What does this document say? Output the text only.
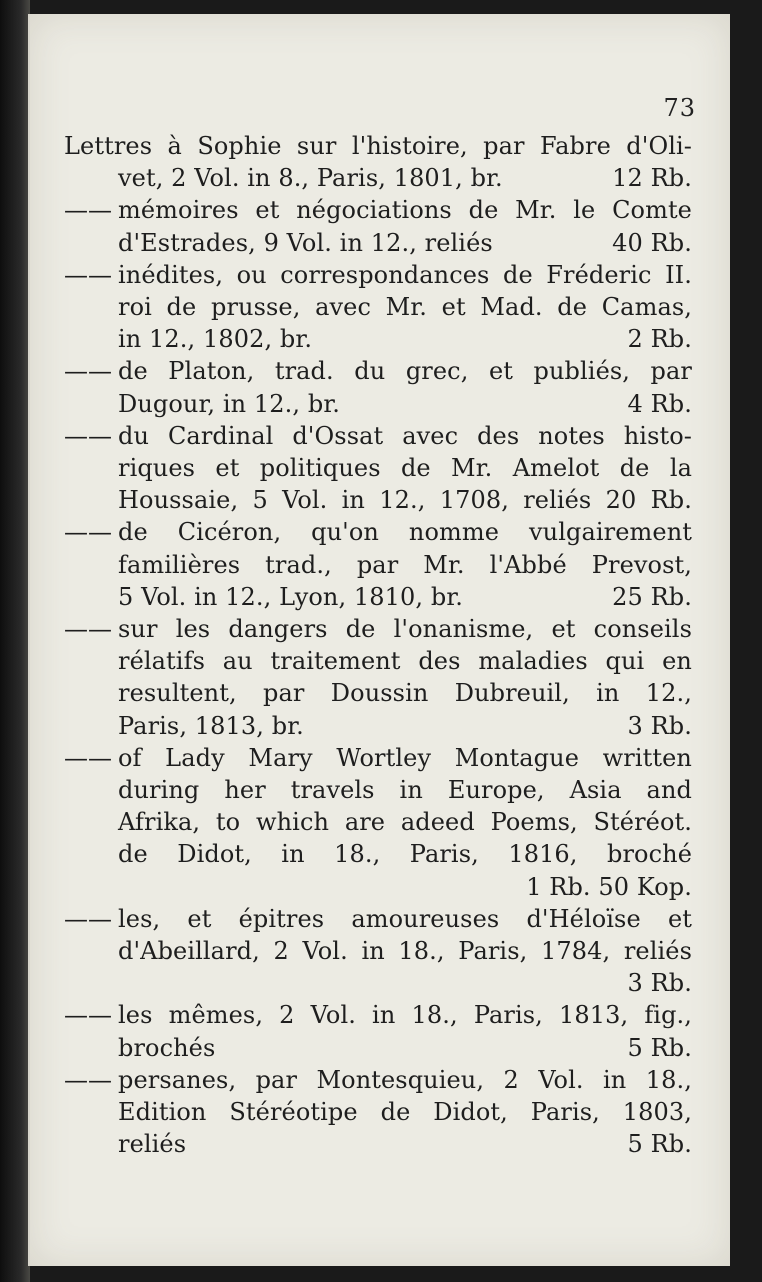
73
Lettres à Sophie sur l'histoire, par Fabre d'Oli-
vet, 2 Vol. in 8., Paris, 1801, br.	12 Rb.
—— mémoires et négociations de Mr. le Comte
d'Estrades, 9 Vol. in 12., reliés	40 Rb.
—— inédites, ou correspondances de Fréderic II.
roi de prusse, avec Mr. et Mad. de Camas,
in 12., 1802, br.	2 Rb.
—— de Platon, trad. du grec, et publiés, par
Dugour, in 12., br.	4 Rb.
—— du Cardinal d'Ossat avec des notes histo-
riques et politiques de Mr. Amelot de la
Houssaie, 5 Vol. in 12., 1708, reliés 20 Rb.
—— de Cicéron, qu'on nomme vulgairement
familières trad., par Mr. l'Abbé Prevost,
5 Vol. in 12., Lyon, 1810, br.	25 Rb.
—— sur les dangers de l'onanisme, et conseils
rélatifs au traitement des maladies qui en
resultent, par Doussin Dubreuil, in 12.,
Paris, 1813, br.	3 Rb.
—— of Lady Mary Wortley Montague written
during her travels in Europe, Asia and
Afrika, to which are adeed Poems, Stéréot.
de Didot, in 18., Paris, 1816, broché
1 Rb. 50 Kop.
—— les, et épitres amoureuses d'Héloïse et
d'Abeillard, 2 Vol. in 18., Paris, 1784, reliés
3 Rb.
—— les mêmes, 2 Vol. in 18., Paris, 1813, fig.,
brochés	5 Rb.
—— persanes, par Montesquieu, 2 Vol. in 18.,
Edition Stéréotipe de Didot, Paris, 1803,
reliés	5 Rb.
